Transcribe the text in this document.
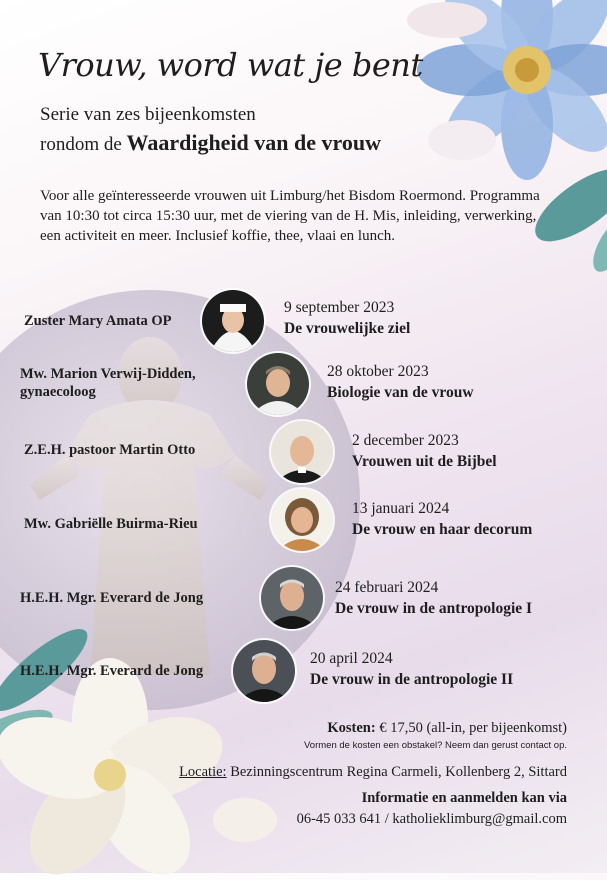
Vrouw, word wat je bent
Serie van zes bijeenkomsten
rondom de Waardigheid van de vrouw
Voor alle geïnteresseerde vrouwen uit Limburg/het Bisdom Roermond. Programma van 10:30 tot circa 15:30 uur, met de viering van de H. Mis, inleiding, verwerking, een activiteit en meer. Inclusief koffie, thee, vlaai en lunch.
Zuster Mary Amata OP
9 september 2023
De vrouwelijke ziel
Mw. Marion Verwij-Didden,
gynaecoloog
28 oktober 2023
Biologie van de vrouw
Z.E.H. pastoor Martin Otto
2 december 2023
Vrouwen uit de Bijbel
Mw. Gabriëlle Buirma-Rieu
13 januari 2024
De vrouw en haar decorum
H.E.H. Mgr. Everard de Jong
24 februari 2024
De vrouw in de antropologie I
H.E.H. Mgr. Everard de Jong
20 april 2024
De vrouw in de antropologie II
Kosten: € 17,50 (all-in, per bijeenkomst)
Vormen de kosten een obstakel? Neem dan gerust contact op.
Locatie: Bezinningscentrum Regina Carmeli, Kollenberg 2, Sittard
Informatie en aanmelden kan via
06-45 033 641 / katholieklimburg@gmail.com
